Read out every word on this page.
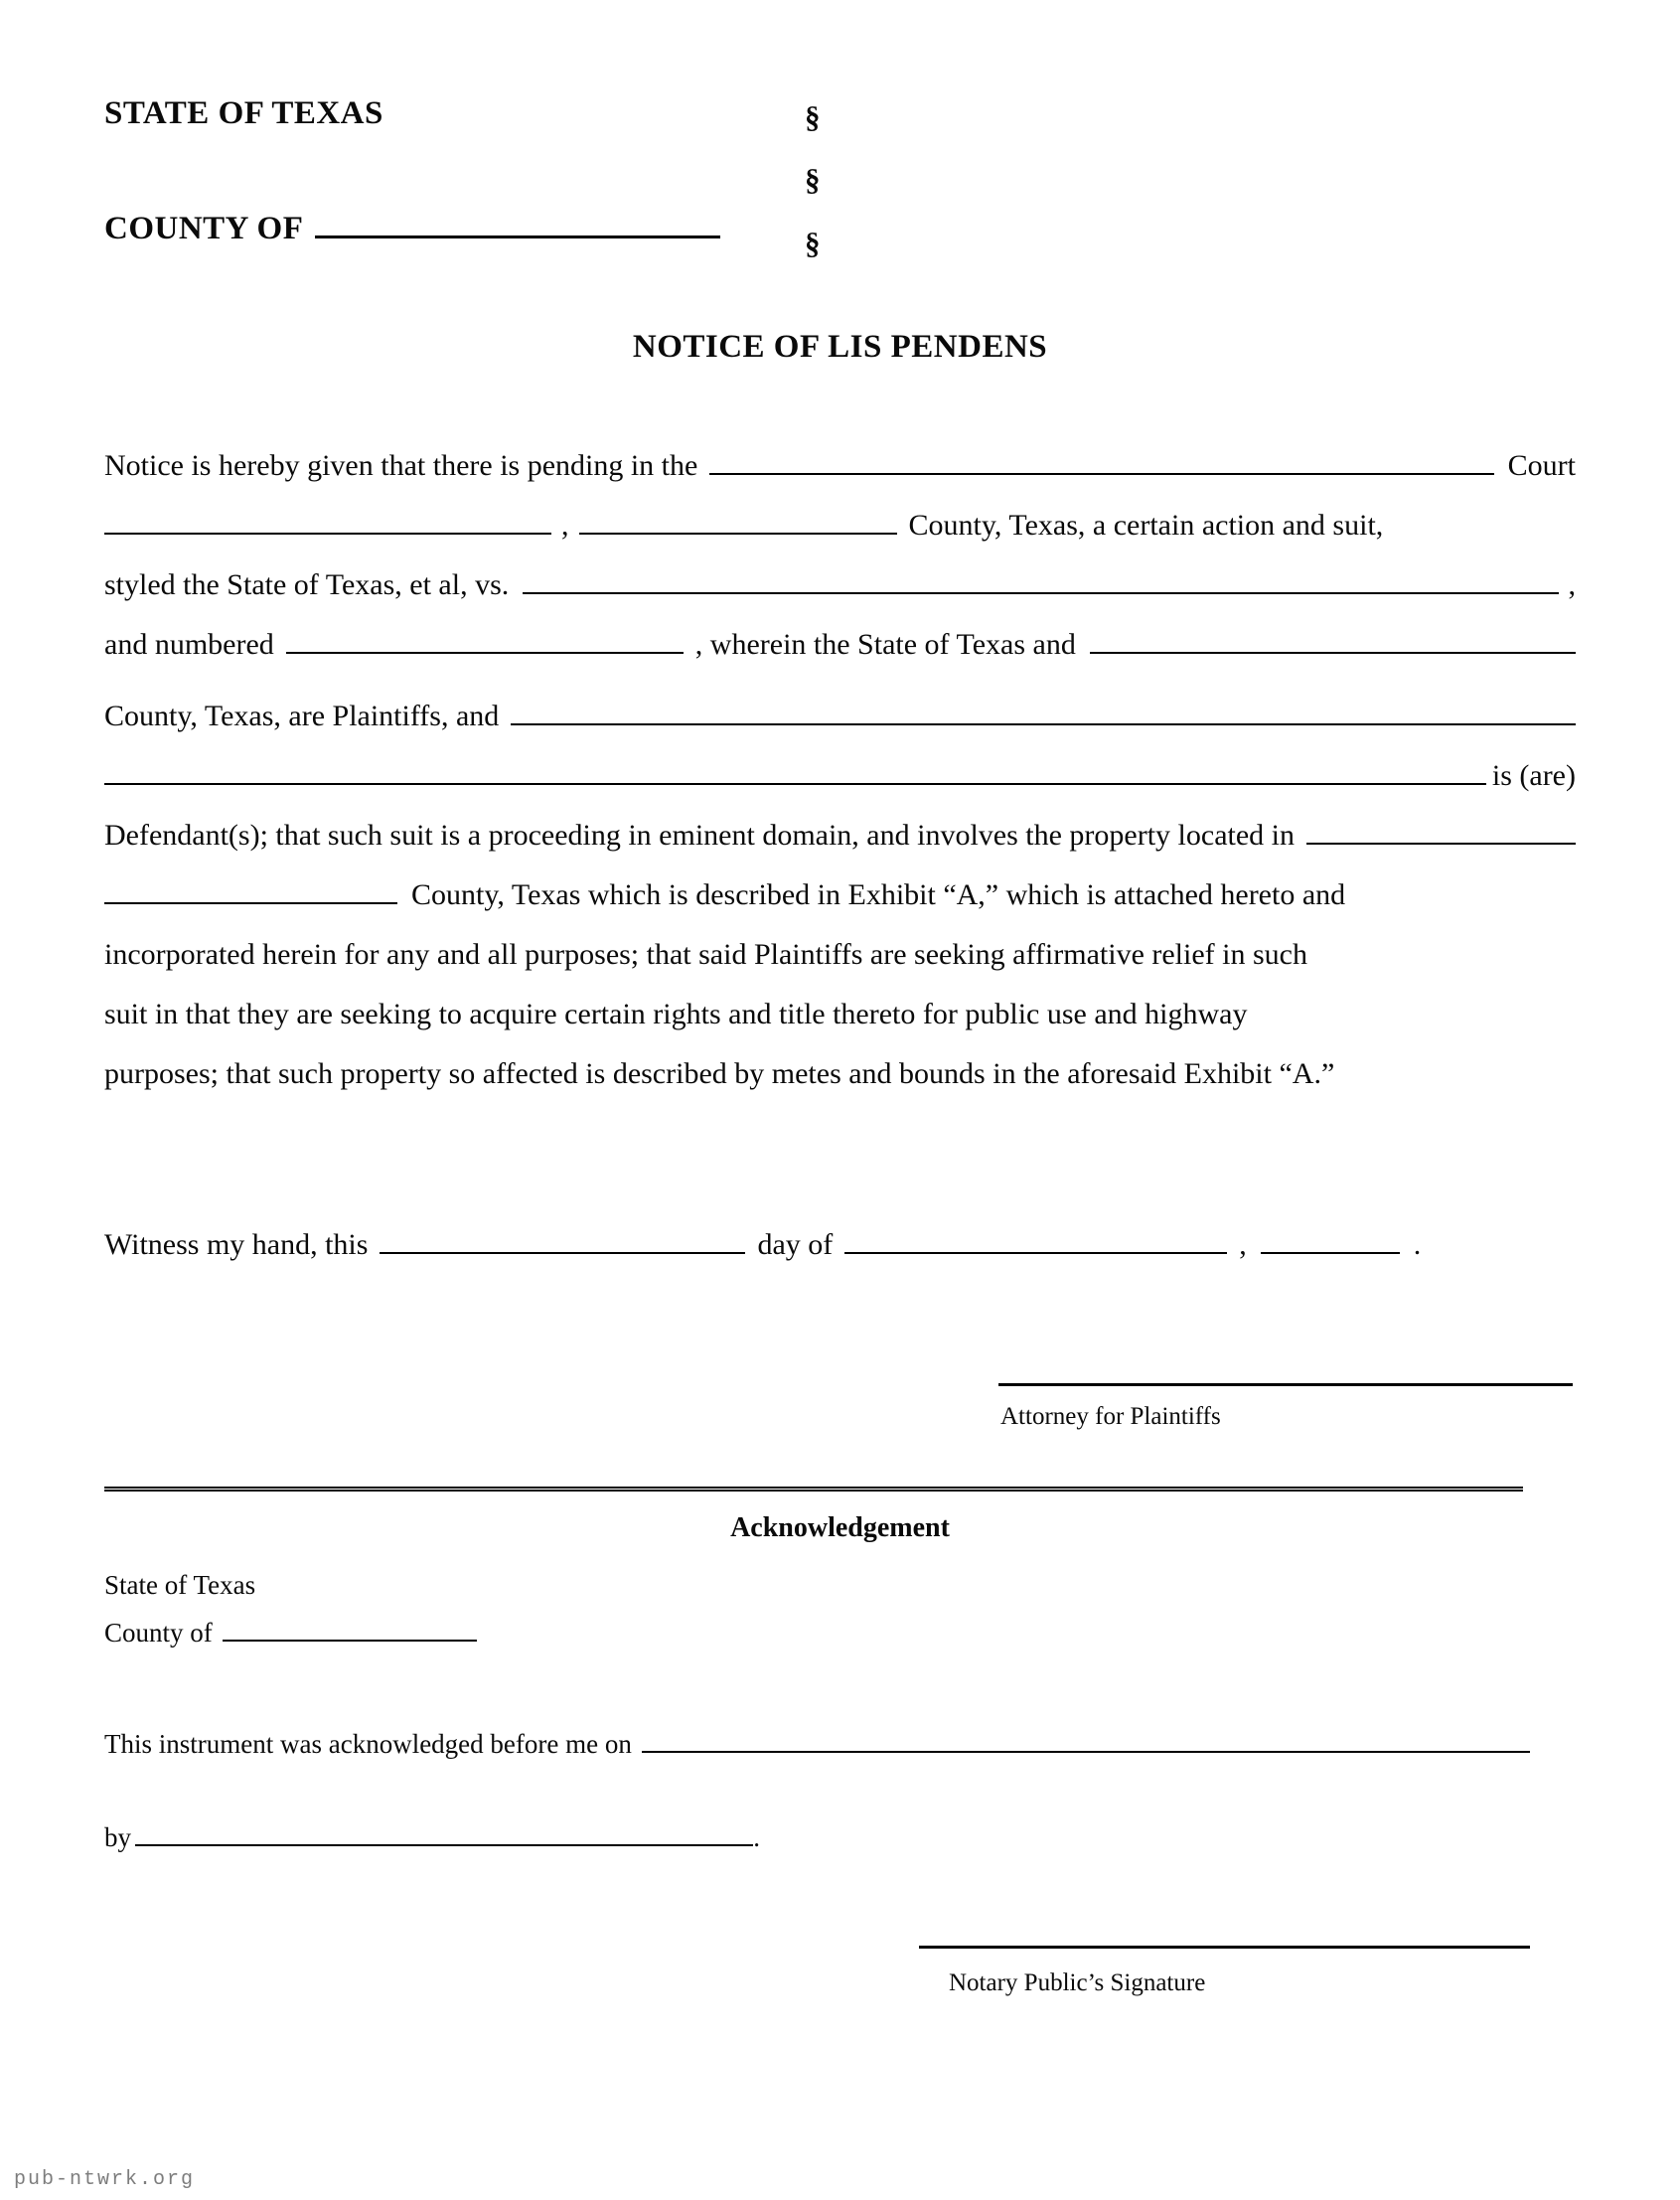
STATE OF TEXAS	§
§
§
COUNTY OF
NOTICE OF LIS PENDENS
Notice is hereby given that there is pending in the	Court
,	County, Texas, a certain action and suit,
styled the State of Texas, et al, vs.	,
and numbered	, wherein the State of Texas and
County, Texas, are Plaintiffs, and
is (are)
Defendant(s); that such suit is a proceeding in eminent domain, and involves the property located in
County, Texas which is described in Exhibit “A,” which is attached hereto and
incorporated herein for any and all purposes; that said Plaintiffs are seeking affirmative relief in such
suit in that they are seeking to acquire certain rights and title thereto for public use and highway
purposes; that such property so affected is described by metes and bounds in the aforesaid Exhibit “A.”
Witness my hand, this	day of	,	.
Attorney for Plaintiffs
Acknowledgement
State of Texas
County of
This instrument was acknowledged before me on
by	.
Notary Public’s Signature
pub-ntwrk.org
